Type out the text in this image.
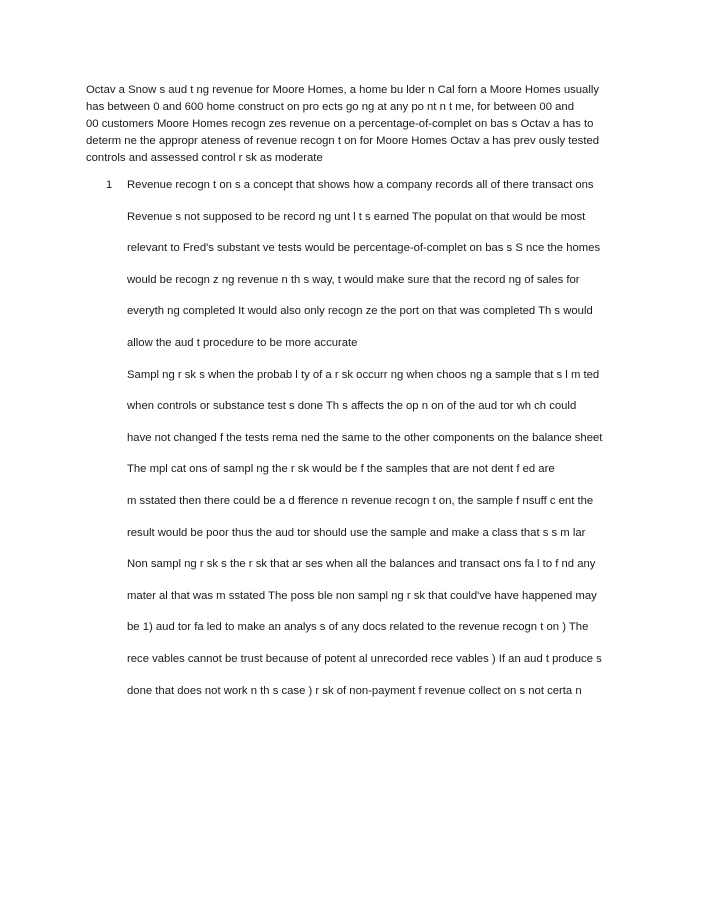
Octav a Snow s aud t ng revenue for Moore Homes, a home bu lder n Cal forn a Moore Homes usually
has between 0 and 600 home construct on pro ects go ng at any po nt n t me, for between 00 and
00 customers Moore Homes recogn zes revenue on a percentage-of-complet on bas s Octav a has to
determ ne the appropr ateness of revenue recogn t on for Moore Homes Octav a has prev ously tested
controls and assessed control r sk as moderate
1 Revenue recogn t on s a concept that shows how a company records all of there transact ons
Revenue s not supposed to be record ng unt l t s earned The populat on that would be most
relevant to Fred's substant ve tests would be percentage-of-complet on bas s S nce the homes
would be recogn z ng revenue n th s way, t would make sure that the record ng of sales for
everyth ng completed It would also only recogn ze the port on that was completed Th s would
allow the aud t procedure to be more accurate
Sampl ng r sk s when the probab l ty of a r sk occurr ng when choos ng a sample that s l m ted
when controls or substance test s done Th s affects the op n on of the aud tor wh ch could
have not changed f the tests rema ned the same to the other components on the balance sheet
The mpl cat ons of sampl ng the r sk would be f the samples that are not dent f ed are
m sstated then there could be a d fference n revenue recogn t on, the sample f nsuff c ent the
result would be poor thus the aud tor should use the sample and make a class that s s m lar
Non sampl ng r sk s the r sk that ar ses when all the balances and transact ons fa l to f nd any
mater al that was m sstated The poss ble non sampl ng r sk that could've have happened may
be 1) aud tor fa led to make an analys s of any docs related to the revenue recogn t on ) The
rece vables cannot be trust because of potent al unrecorded rece vables ) If an aud t produce s
done that does not work n th s case ) r sk of non-payment f revenue collect on s not certa n
